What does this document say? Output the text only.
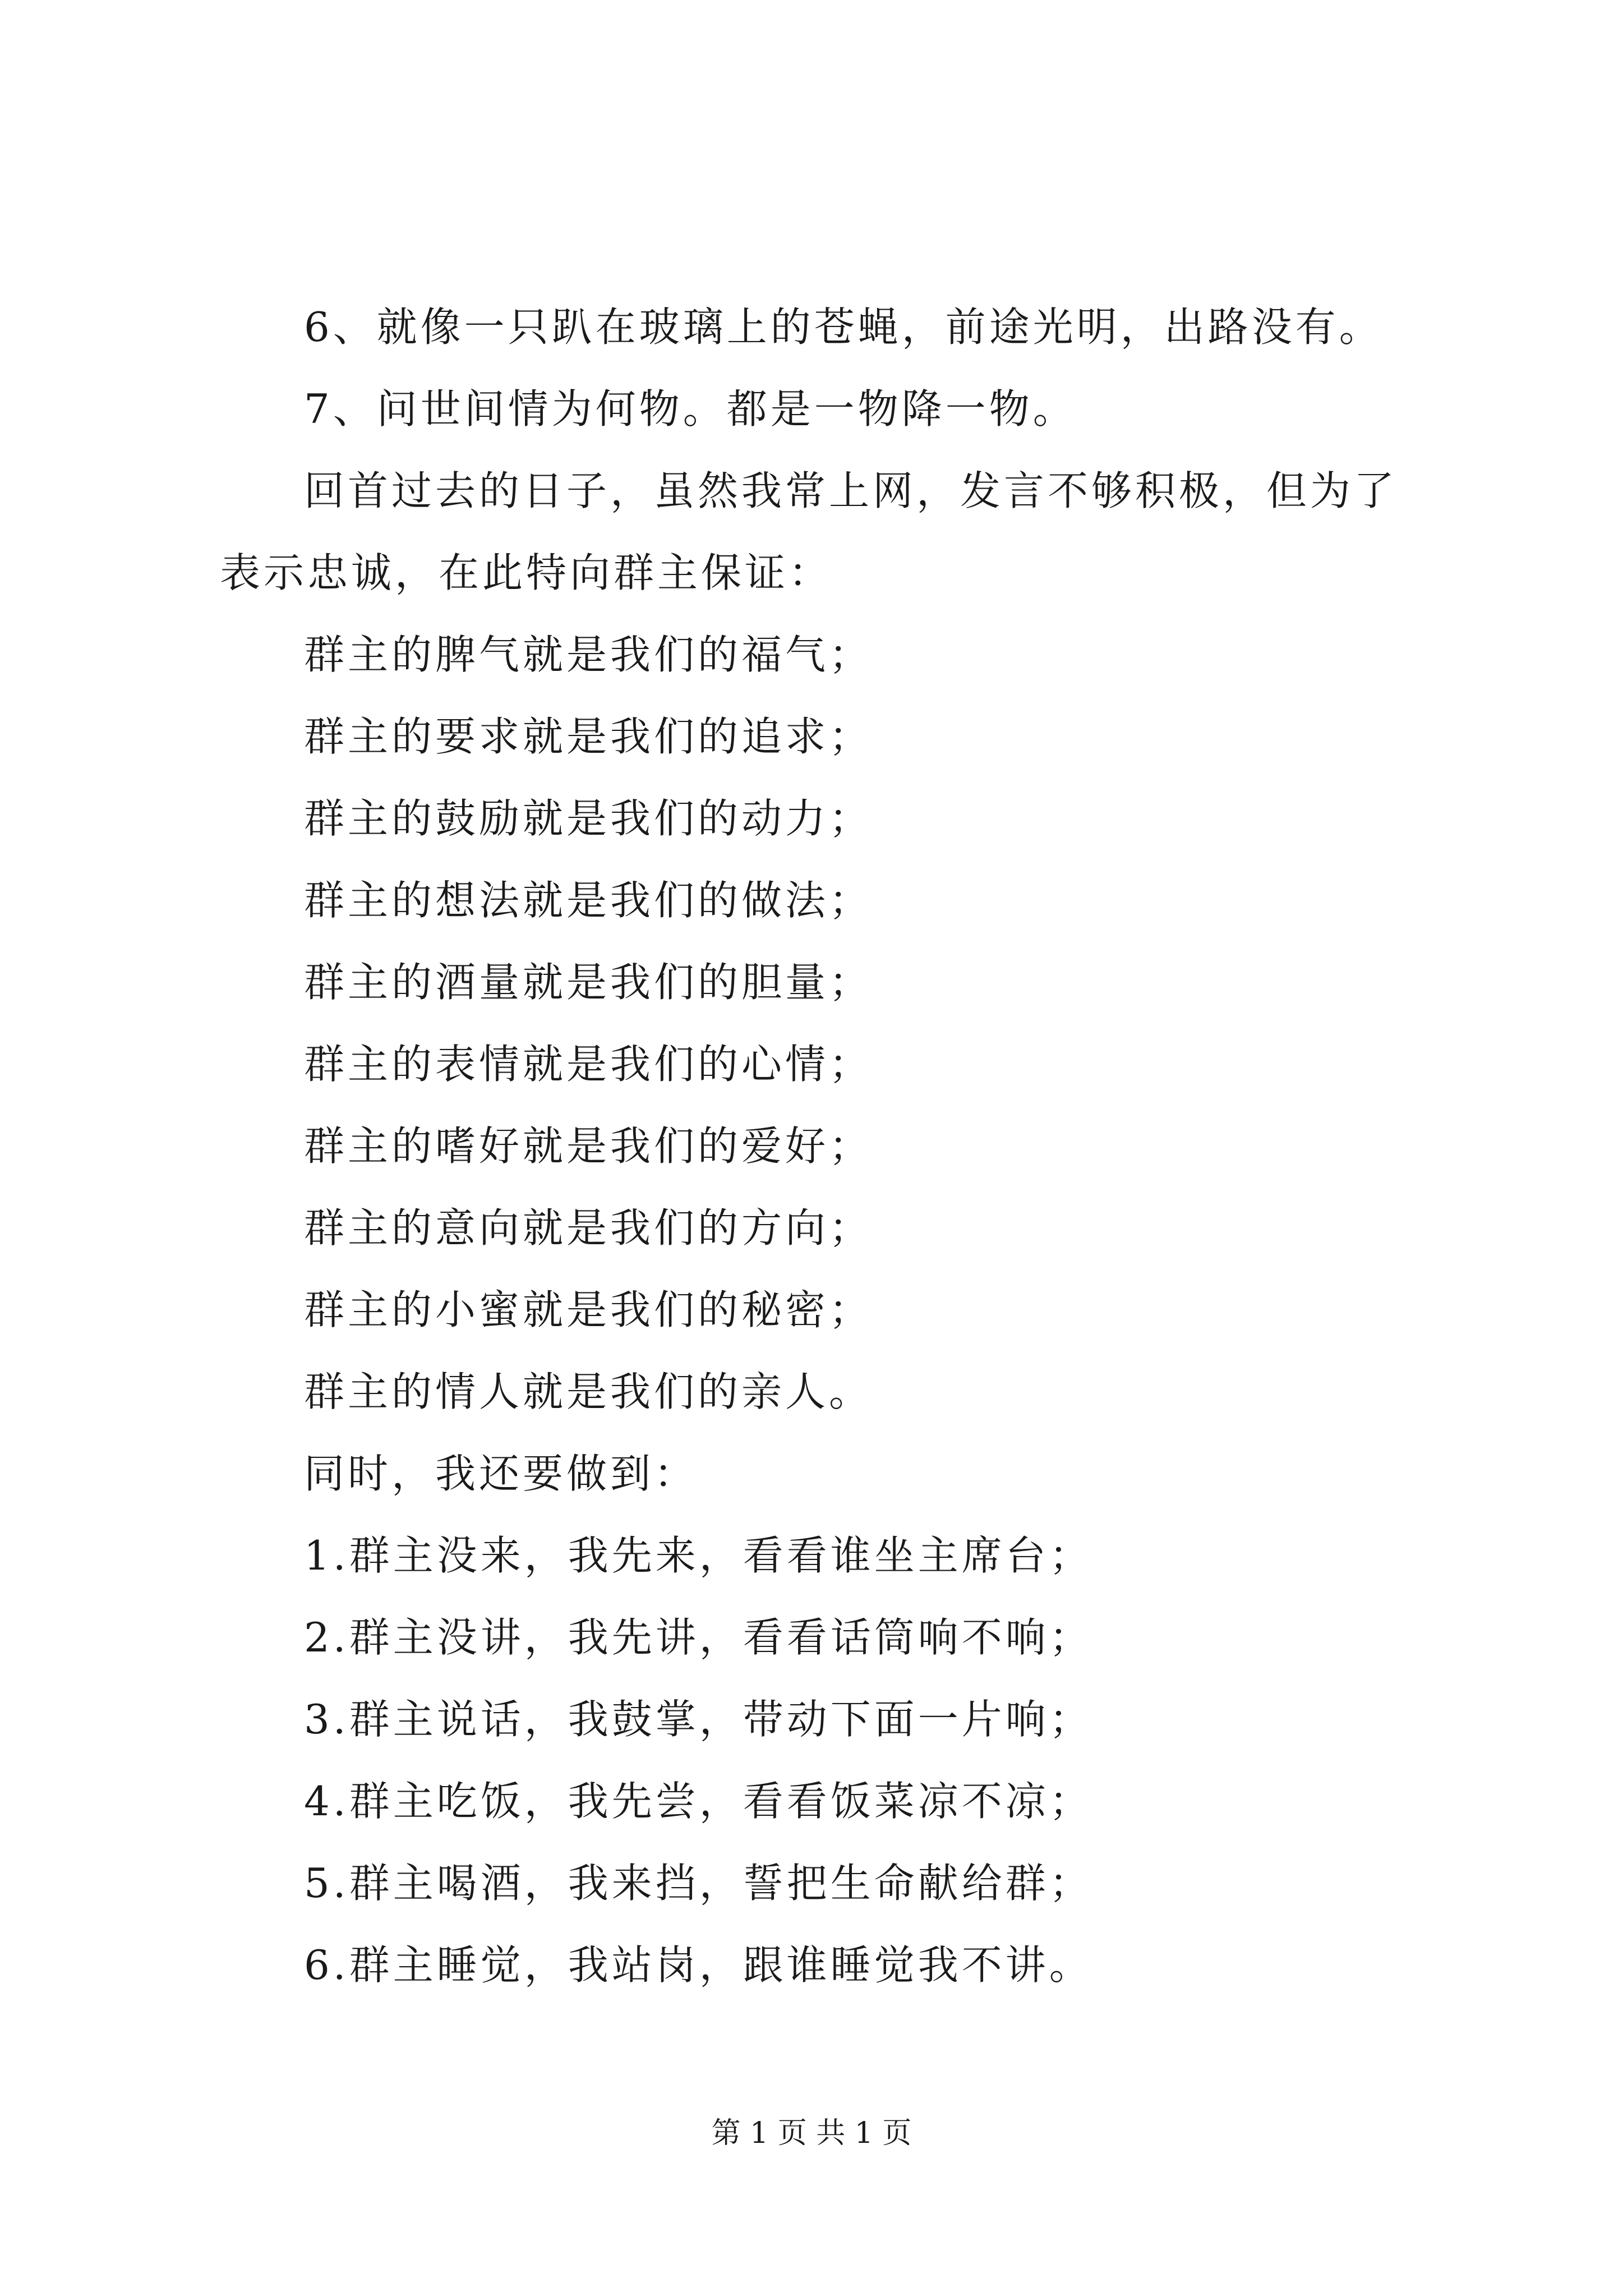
6、就像一只趴在玻璃上的苍蝇，前途光明，出路没有。

7、问世间情为何物。都是一物降一物。

回首过去的日子，虽然我常上网，发言不够积极，但为了表示忠诚，在此特向群主保证：

群主的脾气就是我们的福气；

群主的要求就是我们的追求；

群主的鼓励就是我们的动力；

群主的想法就是我们的做法；

群主的酒量就是我们的胆量；

群主的表情就是我们的心情；

群主的嗜好就是我们的爱好；

群主的意向就是我们的方向；

群主的小蜜就是我们的秘密；

群主的情人就是我们的亲人。

同时，我还要做到：

1.群主没来，我先来，看看谁坐主席台；

2.群主没讲，我先讲，看看话筒响不响；

3.群主说话，我鼓掌，带动下面一片响；

4.群主吃饭，我先尝，看看饭菜凉不凉；

5.群主喝酒，我来挡，誓把生命献给群；

6.群主睡觉，我站岗，跟谁睡觉我不讲。

第 1 页 共 1 页
